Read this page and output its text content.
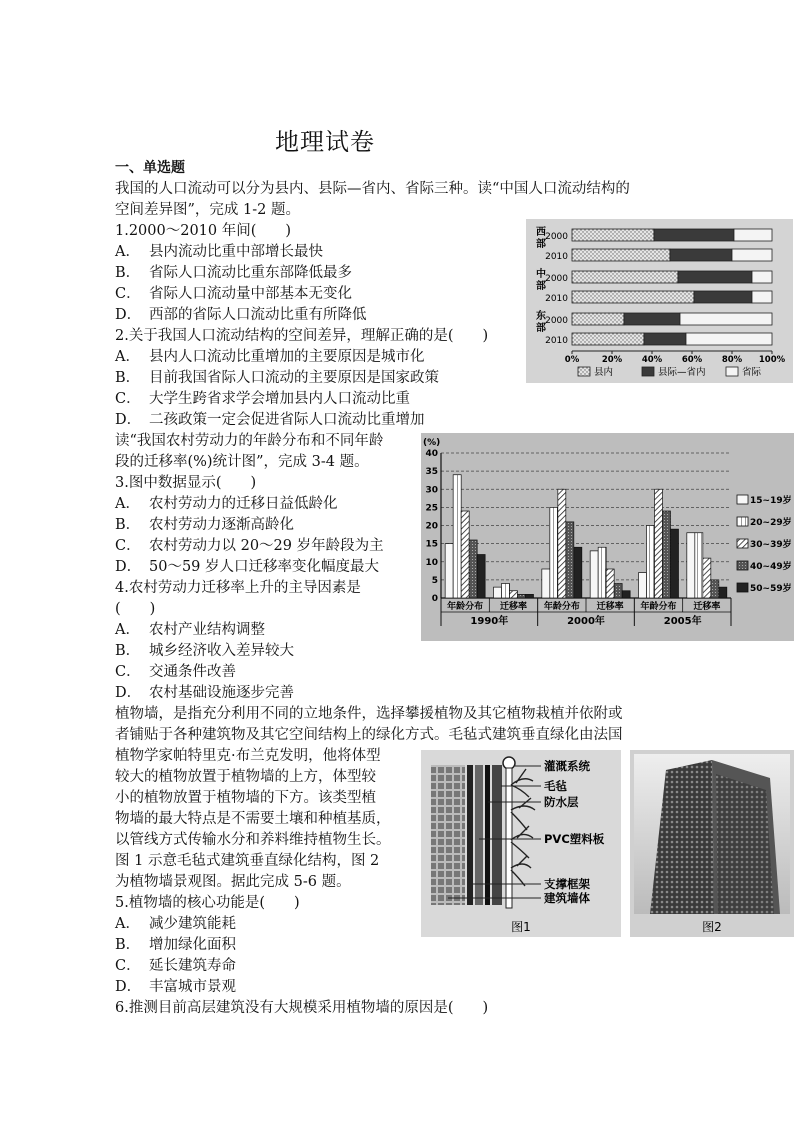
地理试卷
一、单选题
我国的人口流动可以分为县内、县际—省内、省际三种。读“中国人口流动结构的
空间差异图”，完成 1-2 题。
1.2000～2010 年间(　　)
A． 县内流动比重中部增长最快
B． 省际人口流动比重东部降低最多
C． 省际人口流动量中部基本无变化
D． 西部的省际人口流动比重有所降低
2.关于我国人口流动结构的空间差异，理解正确的是(　　)
A． 县内人口流动比重增加的主要原因是城市化
B． 目前我国省际人口流动的主要原因是国家政策
C． 大学生跨省求学会增加县内人口流动比重
D． 二孩政策一定会促进省际人口流动比重增加
读“我国农村劳动力的年龄分布和不同年龄
段的迁移率(%)统计图”，完成 3-4 题。
3.图中数据显示(　　)
A． 农村劳动力的迁移日益低龄化
B． 农村劳动力逐渐高龄化
C． 农村劳动力以 20～29 岁年龄段为主
D． 50～59 岁人口迁移率变化幅度最大
4.农村劳动力迁移率上升的主导因素是
(　　)
A． 农村产业结构调整
B． 城乡经济收入差异较大
C． 交通条件改善
D． 农村基础设施逐步完善
植物墙，是指充分利用不同的立地条件，选择攀援植物及其它植物栽植并依附或
者铺贴于各种建筑物及其它空间结构上的绿化方式。毛毡式建筑垂直绿化由法国
植物学家帕特里克·布兰克发明，他将体型
较大的植物放置于植物墙的上方，体型较
小的植物放置于植物墙的下方。该类型植
物墙的最大特点是不需要土壤和种植基质，
以管线方式传输水分和养料维持植物生长。
图 1 示意毛毡式建筑垂直绿化结构，图 2
为植物墙景观图。据此完成 5-6 题。
5.植物墙的核心功能是(　　)
A． 减少建筑能耗
B． 增加绿化面积
C． 延长建筑寿命
D． 丰富城市景观
6.推测目前高层建筑没有大规模采用植物墙的原因是(　　)
西
部
2000
2010
中
部
2000
2010
东
部
2000
2010
0%	20% 40% 60% 80% 100%
县内	县际—省内	省际
(%)
0
5
10
15
20
25
30
35
40
年龄分布 迁移率
1990年
年龄分布 迁移率
2000年
年龄分布 迁移率
2005年
15~19岁
20~29岁
30~39岁
40~49岁
50~59岁
灌溉系统
毛毡
防水层
PVC塑料板
支撑框架
建筑墙体
图1	图2
